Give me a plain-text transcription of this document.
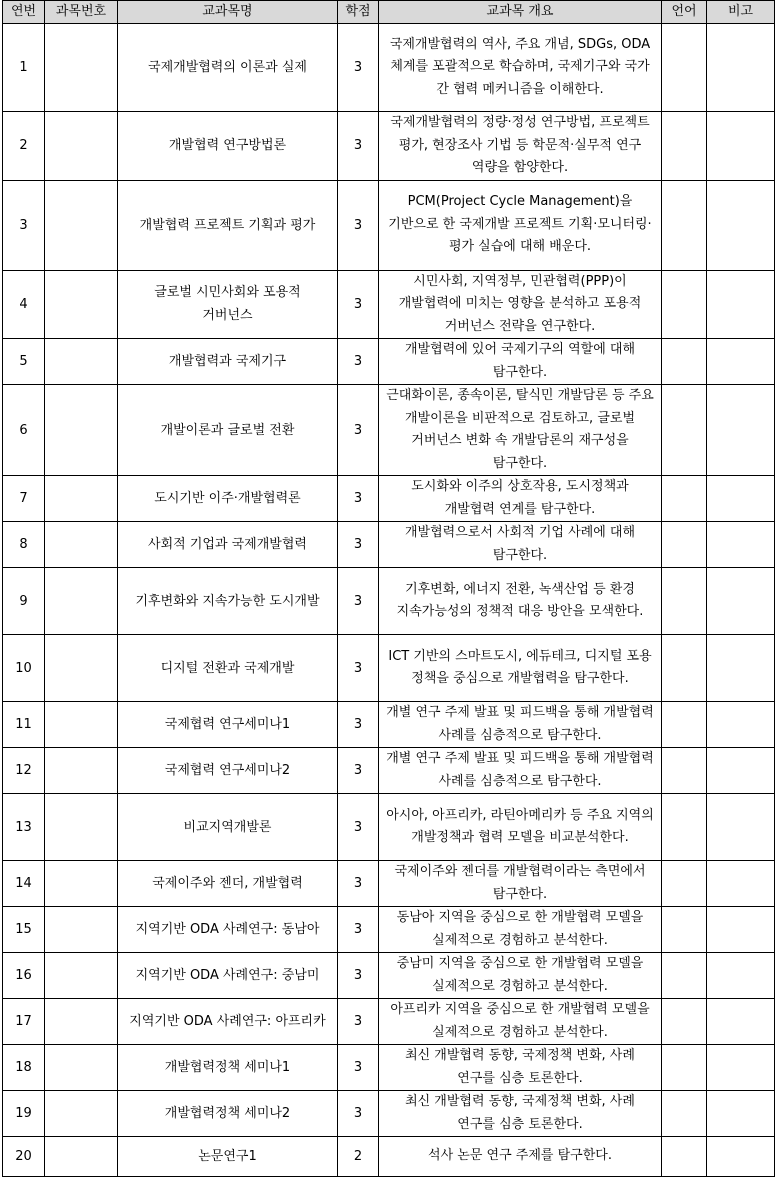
연번	과목번호	교과목명	학점	교과목 개요	언어	비고
1		국제개발협력의 이론과 실제	3	국제개발협력의 역사, 주요 개념, SDGs, ODA 체계를 포괄적으로 학습하며, 국제기구와 국가 간 협력 메커니즘을 이해한다.		
2		개발협력 연구방법론	3	국제개발협력의 정량·정성 연구방법, 프로젝트 평가, 현장조사 기법 등 학문적·실무적 연구 역량을 함양한다.		
3		개발협력 프로젝트 기획과 평가	3	PCM(Project Cycle Management)을 기반으로 한 국제개발 프로젝트 기획·모니터링·평가 실습에 대해 배운다.		
4		글로벌 시민사회와 포용적 거버넌스	3	시민사회, 지역정부, 민관협력(PPP)이 개발협력에 미치는 영향을 분석하고 포용적 거버넌스 전략을 연구한다.		
5		개발협력과 국제기구	3	개발협력에 있어 국제기구의 역할에 대해 탐구한다.		
6		개발이론과 글로벌 전환	3	근대화이론, 종속이론, 탈식민 개발담론 등 주요 개발이론을 비판적으로 검토하고, 글로벌 거버넌스 변화 속 개발담론의 재구성을 탐구한다.		
7		도시기반 이주·개발협력론	3	도시화와 이주의 상호작용, 도시정책과 개발협력 연계를 탐구한다.		
8		사회적 기업과 국제개발협력	3	개발협력으로서 사회적 기업 사례에 대해 탐구한다.		
9		기후변화와 지속가능한 도시개발	3	기후변화, 에너지 전환, 녹색산업 등 환경 지속가능성의 정책적 대응 방안을 모색한다.		
10		디지털 전환과 국제개발	3	ICT 기반의 스마트도시, 에듀테크, 디지털 포용 정책을 중심으로 개발협력을 탐구한다.		
11		국제협력 연구세미나1	3	개별 연구 주제 발표 및 피드백을 통해 개발협력 사례를 심층적으로 탐구한다.		
12		국제협력 연구세미나2	3	개별 연구 주제 발표 및 피드백을 통해 개발협력 사례를 심층적으로 탐구한다.		
13		비교지역개발론	3	아시아, 아프리카, 라틴아메리카 등 주요 지역의 개발정책과 협력 모델을 비교분석한다.		
14		국제이주와 젠더, 개발협력	3	국제이주와 젠더를 개발협력이라는 측면에서 탐구한다.		
15		지역기반 ODA 사례연구: 동남아	3	동남아 지역을 중심으로 한 개발협력 모델을 실제적으로 경험하고 분석한다.		
16		지역기반 ODA 사례연구: 중남미	3	중남미 지역을 중심으로 한 개발협력 모델을 실제적으로 경험하고 분석한다.		
17		지역기반 ODA 사례연구: 아프리카	3	아프리카 지역을 중심으로 한 개발협력 모델을 실제적으로 경험하고 분석한다.		
18		개발협력정책 세미나1	3	최신 개발협력 동향, 국제정책 변화, 사례 연구를 심층 토론한다.		
19		개발협력정책 세미나2	3	최신 개발협력 동향, 국제정책 변화, 사례 연구를 심층 토론한다.		
20		논문연구1	2	석사 논문 연구 주제를 탐구한다.		
